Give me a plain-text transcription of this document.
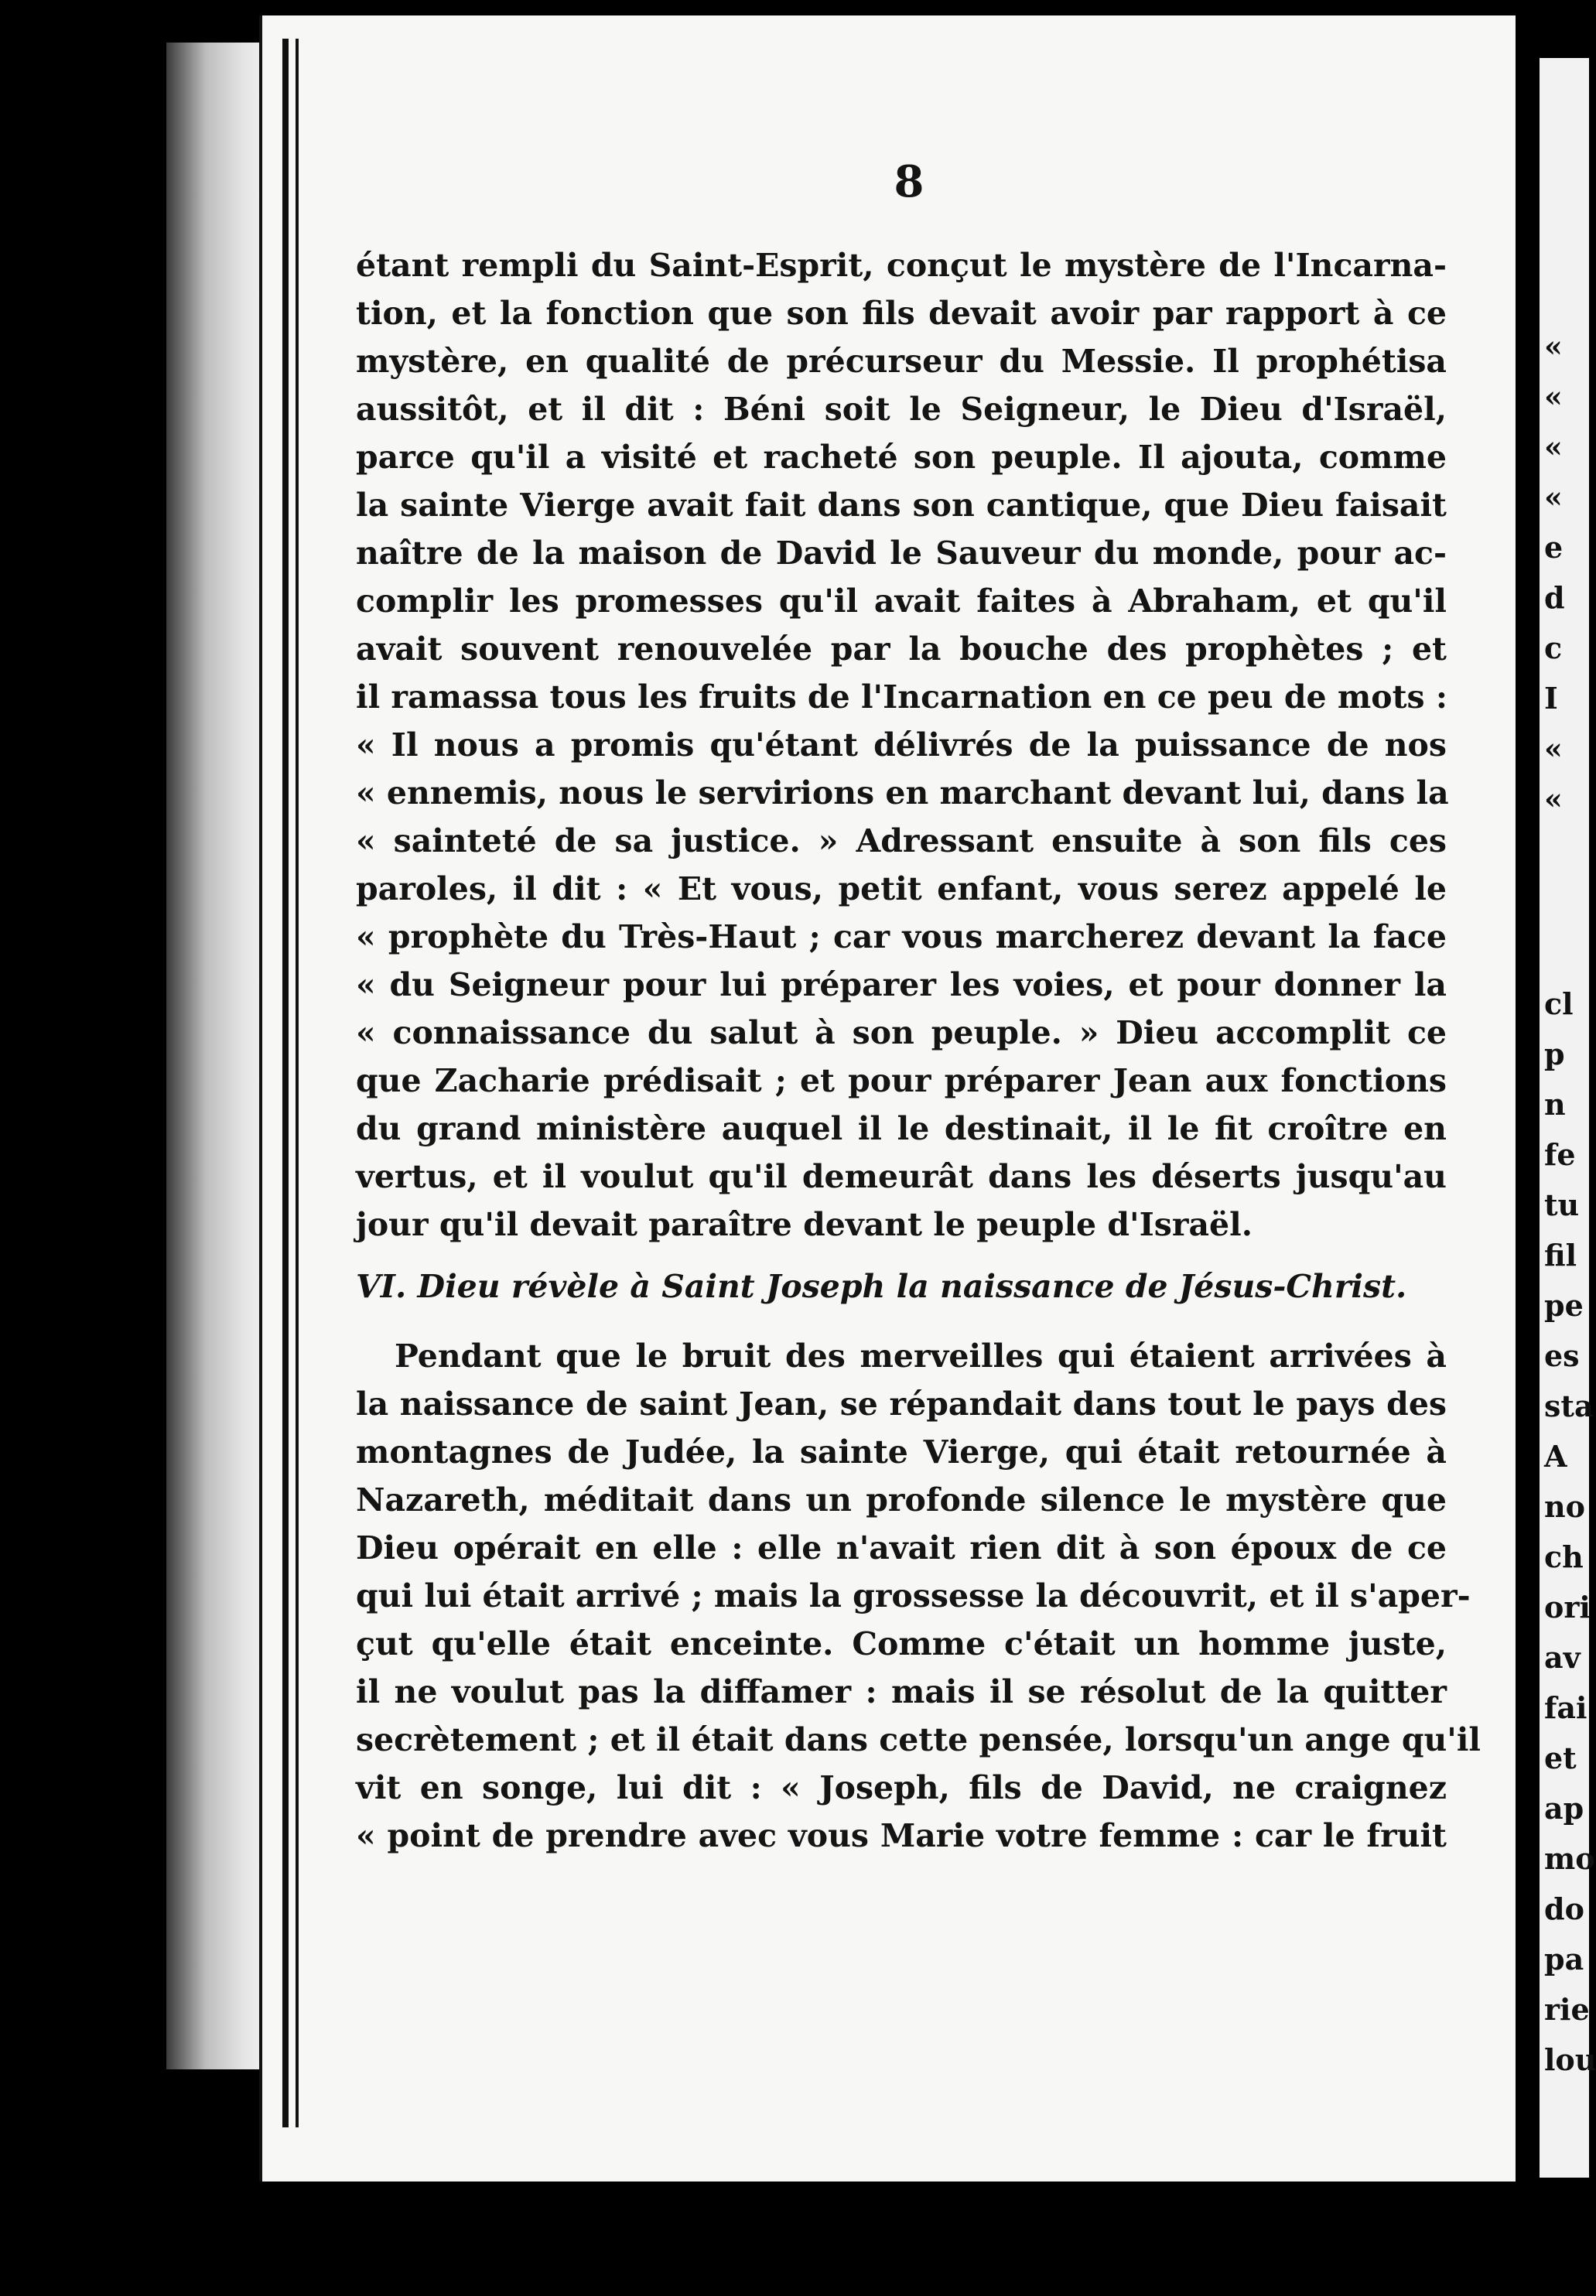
8
étant rempli du Saint-Esprit, conçut le mystère de l'Incarna-
tion, et la fonction que son fils devait avoir par rapport à ce
mystère, en qualité de précurseur du Messie. Il prophétisa
aussitôt, et il dit : Béni soit le Seigneur, le Dieu d'Israël,
parce qu'il a visité et racheté son peuple. Il ajouta, comme
la sainte Vierge avait fait dans son cantique, que Dieu faisait
naître de la maison de David le Sauveur du monde, pour ac-
complir les promesses qu'il avait faites à Abraham, et qu'il
avait souvent renouvelée par la bouche des prophètes ; et
il ramassa tous les fruits de l'Incarnation en ce peu de mots :
« Il nous a promis qu'étant délivrés de la puissance de nos
« ennemis, nous le servirions en marchant devant lui, dans la
« sainteté de sa justice. » Adressant ensuite à son fils ces
paroles, il dit : « Et vous, petit enfant, vous serez appelé le
« prophète du Très-Haut ; car vous marcherez devant la face
« du Seigneur pour lui préparer les voies, et pour donner la
« connaissance du salut à son peuple. » Dieu accomplit ce
que Zacharie prédisait ; et pour préparer Jean aux fonctions
du grand ministère auquel il le destinait, il le fit croître en
vertus, et il voulut qu'il demeurât dans les déserts jusqu'au
jour qu'il devait paraître devant le peuple d'Israël.
VI. Dieu révèle à Saint Joseph la naissance de Jésus-Christ.
Pendant que le bruit des merveilles qui étaient arrivées à
la naissance de saint Jean, se répandait dans tout le pays des
montagnes de Judée, la sainte Vierge, qui était retournée à
Nazareth, méditait dans un profonde silence le mystère que
Dieu opérait en elle : elle n'avait rien dit à son époux de ce
qui lui était arrivé ; mais la grossesse la découvrit, et il s'aper-
çut qu'elle était enceinte. Comme c'était un homme juste,
il ne voulut pas la diffamer : mais il se résolut de la quitter
secrètement ; et il était dans cette pensée, lorsqu'un ange qu'il
vit en songe, lui dit : « Joseph, fils de David, ne craignez
« point de prendre avec vous Marie votre femme : car le fruit
«
«
«
«
e
d
c
I
«
«
cl
p
n
fe
tu
fil
pe
es
sta
A
no
ch
ori
av
fai
et
ap
mo
do
pa
rie
lou
